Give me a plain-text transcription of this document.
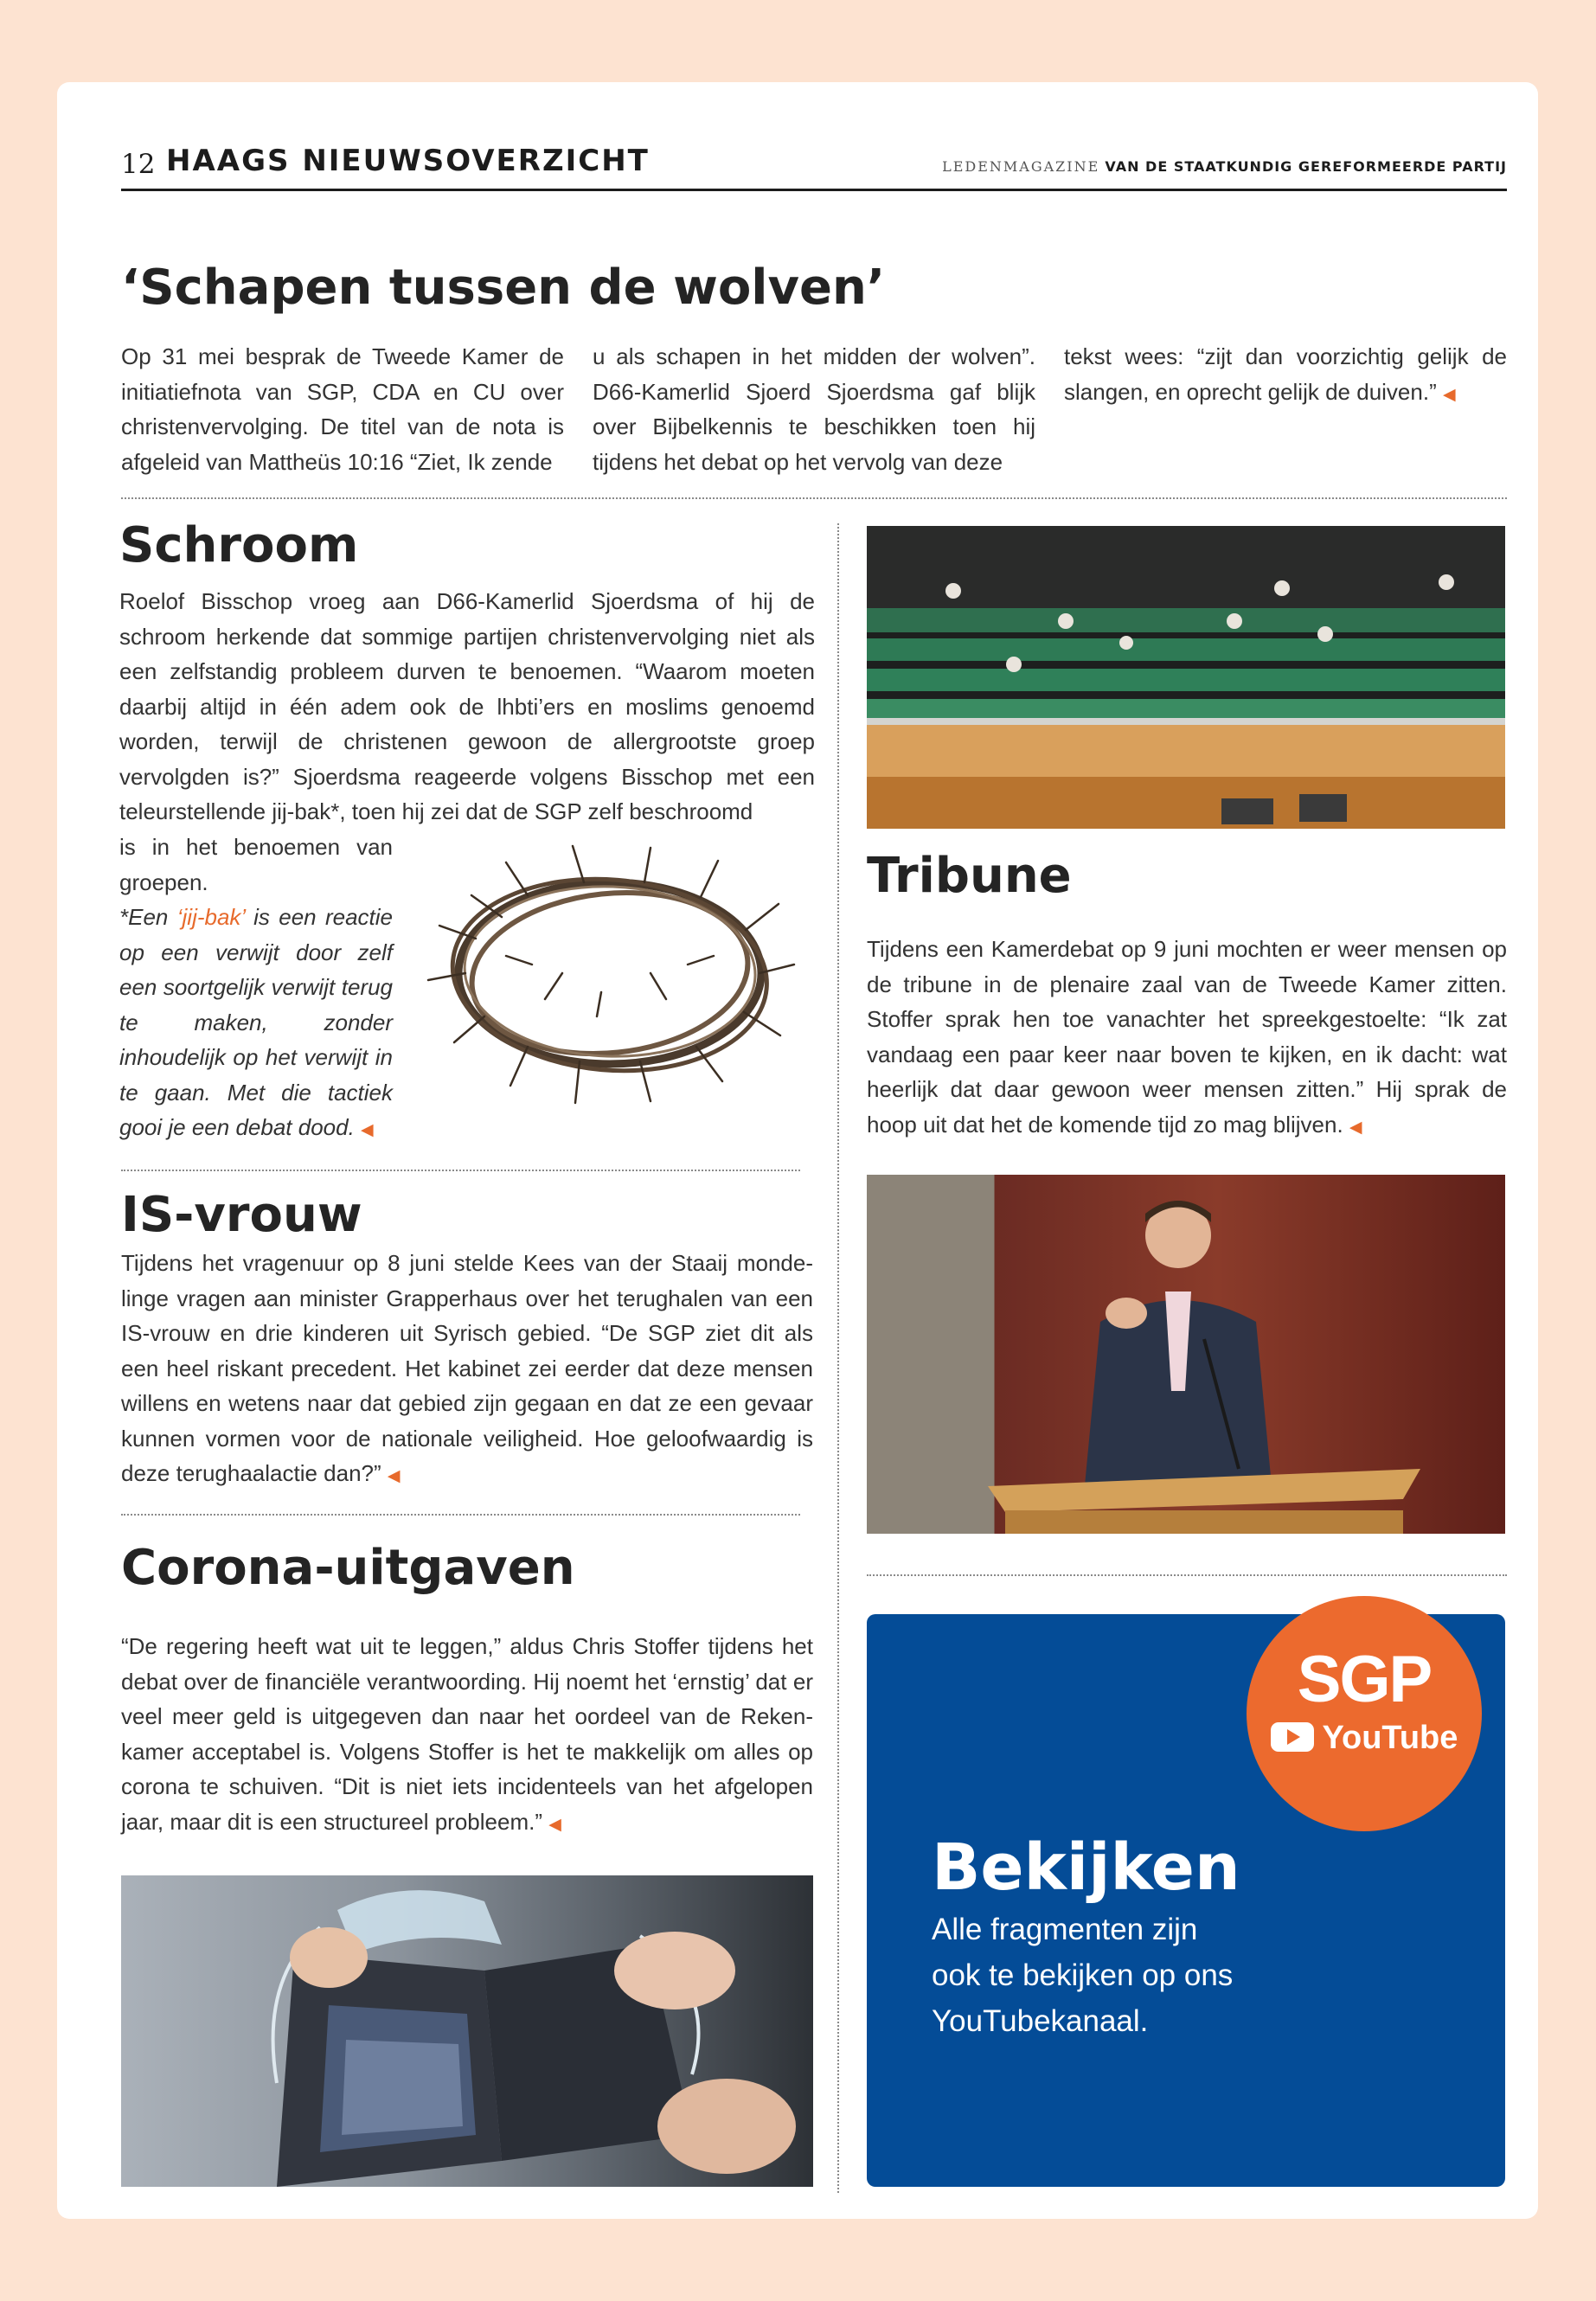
12 HAAGS NIEUWSOVERZICHT	LEDENMAGAZINE VAN DE STAATKUNDIG GEREFORMEERDE PARTIJ
‘Schapen tussen de wolven’

Op 31 mei besprak de Tweede Kamer de initiatiefnota van SGP, CDA en CU over christenvervolging. De titel van de nota is afgeleid van Mattheüs 10:16 “Ziet, Ik zende

u als schapen in het midden der wolven”. D66-Kamerlid Sjoerd Sjoerdsma gaf blijk over Bijbelkennis te beschikken toen hij tijdens het debat op het vervolg van deze

tekst wees: “zijt dan voorzichtig gelijk de slangen, en oprecht gelijk de duiven.” ◀

Schroom

Roelof Bisschop vroeg aan D66-Kamerlid Sjoerdsma of hij de schroom herkende dat sommige partijen christenvervolging niet als een zelfstandig probleem durven te benoemen. “Waarom moeten daarbij altijd in één adem ook de lhbti’ers en moslims genoemd worden, terwijl de christenen gewoon de allergrootste groep vervolgden is?” Sjoerdsma reageerde volgens Bisschop met een teleurstellende jij-bak*, toen hij zei dat de SGP zelf beschroomd

is in het benoemen van groepen.

*Een ‘jij-bak’ is een reactie op een verwijt door zelf een soortgelijk verwijt terug te maken, zonder inhoudelijk op het verwijt in te gaan. Met die tactiek gooi je een debat dood. ◀

IS-vrouw

Tijdens het vragenuur op 8 juni stelde Kees van der Staaij mondelinge vragen aan minister Grapperhaus over het terughalen van een IS-vrouw en drie kinderen uit Syrisch gebied. “De SGP ziet dit als een heel riskant precedent. Het kabinet zei eerder dat deze mensen willens en wetens naar dat gebied zijn gegaan en dat ze een gevaar kunnen vormen voor de nationale veiligheid. Hoe geloofwaardig is deze terughaalactie dan?” ◀

Corona-uitgaven

“De regering heeft wat uit te leggen,” aldus Chris Stoffer tijdens het debat over de financiële verantwoording. Hij noemt het ‘ernstig’ dat er veel meer geld is uitgegeven dan naar het oordeel van de Rekenkamer acceptabel is. Volgens Stoffer is het te makkelijk om alles op corona te schuiven. “Dit is niet iets incidenteels van het afgelopen jaar, maar dit is een structureel probleem.” ◀

Tribune

Tijdens een Kamerdebat op 9 juni mochten er weer mensen op de tribune in de plenaire zaal van de Tweede Kamer zitten. Stoffer sprak hen toe vanachter het spreekgestoelte: “Ik zat vandaag een paar keer naar boven te kijken, en ik dacht: wat heerlijk dat daar gewoon weer mensen zitten.” Hij sprak de hoop uit dat het de komende tijd zo mag blijven. ◀

SGP
YouTube
Bekijken
Alle fragmenten zijn
ook te bekijken op ons
YouTubekanaal.
